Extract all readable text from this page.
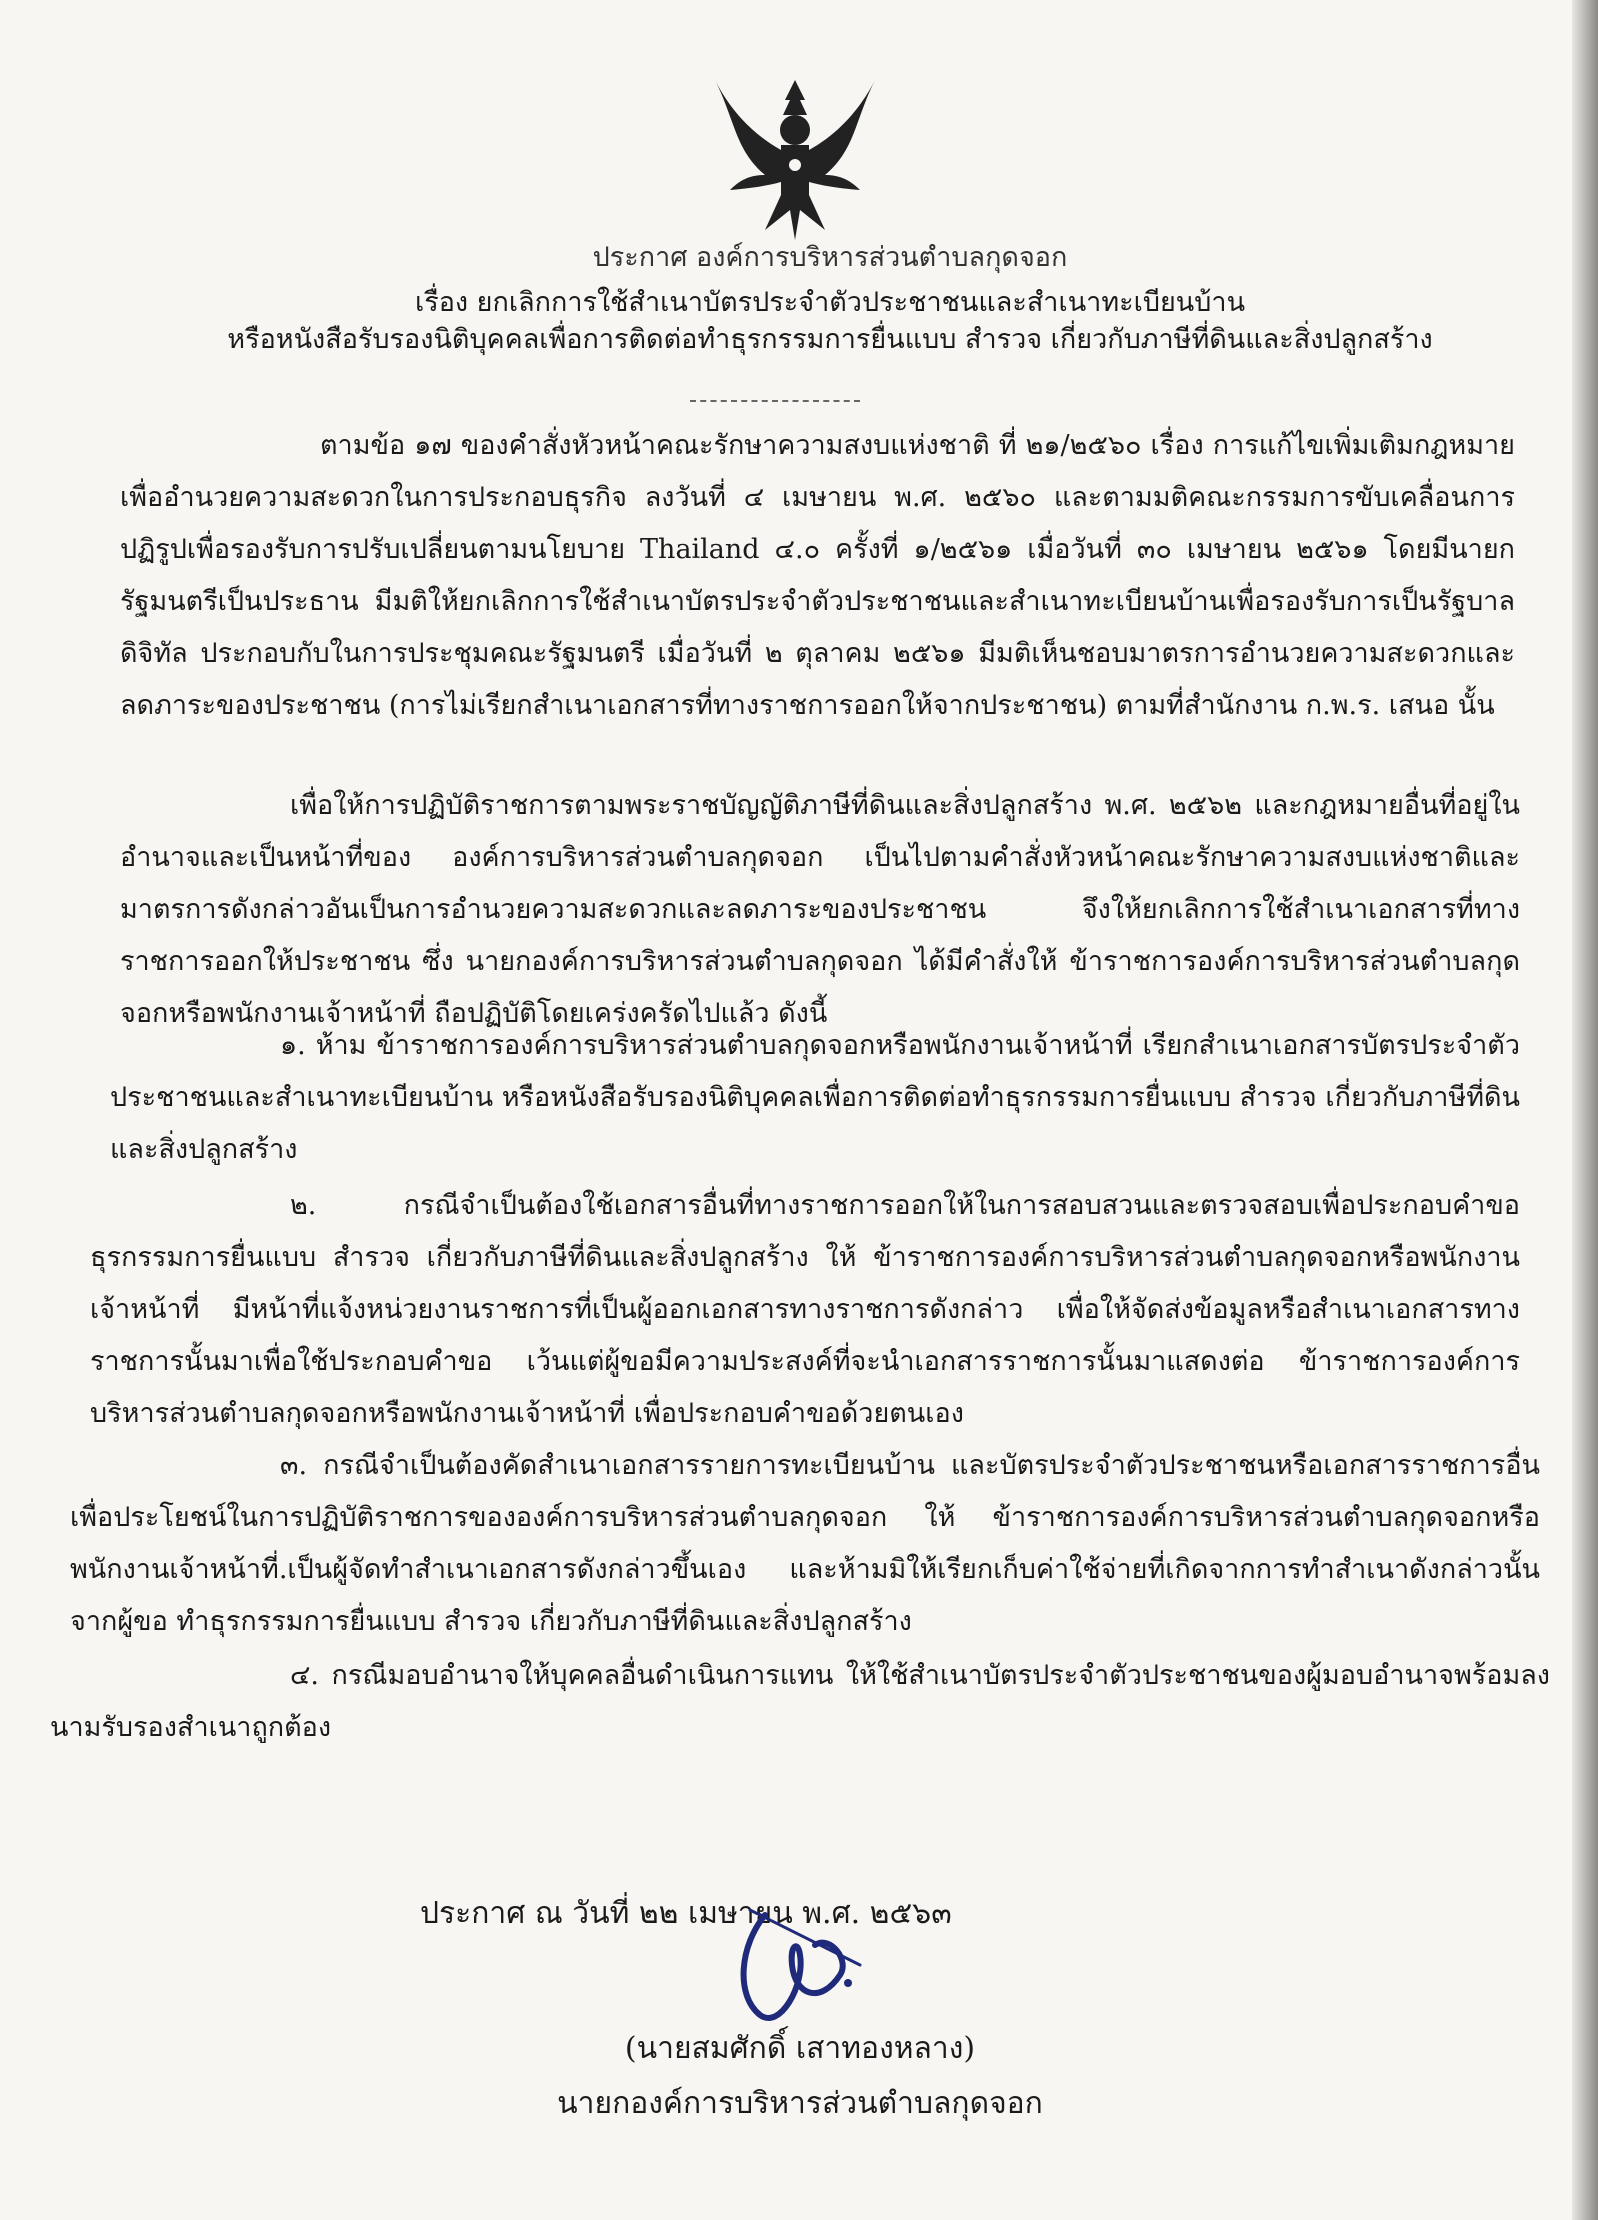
ประกาศ องค์การบริหารส่วนตำบลกุดจอก
เรื่อง ยกเลิกการใช้สำเนาบัตรประจำตัวประชาชนและสำเนาทะเบียนบ้าน
หรือหนังสือรับรองนิติบุคคลเพื่อการติดต่อทำธุรกรรมการยื่นแบบ สำรวจ เกี่ยวกับภาษีที่ดินและสิ่งปลูกสร้าง
ตามข้อ ๑๗ ของคำสั่งหัวหน้าคณะรักษาความสงบแห่งชาติ ที่ ๒๑/๒๕๖๐ เรื่อง การแก้ไขเพิ่มเติมกฎหมาย เพื่ออำนวยความสะดวกในการประกอบธุรกิจ ลงวันที่ ๔ เมษายน พ.ศ. ๒๕๖๐ และตามมติคณะกรรมการขับเคลื่อนการปฏิรูปเพื่อรองรับการปรับเปลี่ยนตามนโยบาย Thailand ๔.๐ ครั้งที่ ๑/๒๕๖๑ เมื่อวันที่ ๓๐ เมษายน ๒๕๖๑ โดยมีนายกรัฐมนตรีเป็นประธาน มีมติให้ยกเลิกการใช้สำเนาบัตรประจำตัวประชาชนและสำเนาทะเบียนบ้านเพื่อรองรับการเป็นรัฐบาลดิจิทัล ประกอบกับในการประชุมคณะรัฐมนตรี เมื่อวันที่ ๒ ตุลาคม ๒๕๖๑ มีมติเห็นชอบมาตรการอำนวยความสะดวกและลดภาระของประชาชน (การไม่เรียกสำเนาเอกสารที่ทางราชการออกให้จากประชาชน) ตามที่สำนักงาน ก.พ.ร. เสนอ นั้น
เพื่อให้การปฏิบัติราชการตามพระราชบัญญัติภาษีที่ดินและสิ่งปลูกสร้าง พ.ศ. ๒๕๖๒ และกฎหมายอื่นที่อยู่ในอำนาจและเป็นหน้าที่ของ องค์การบริหารส่วนตำบลกุดจอก เป็นไปตามคำสั่งหัวหน้าคณะรักษาความสงบแห่งชาติและมาตรการดังกล่าวอันเป็นการอำนวยความสะดวกและลดภาระของประชาชน จึงให้ยกเลิกการใช้สำเนาเอกสารที่ทางราชการออกให้ประชาชน ซึ่ง นายกองค์การบริหารส่วนตำบลกุดจอก ได้มีคำสั่งให้ ข้าราชการองค์การบริหารส่วนตำบลกุดจอกหรือพนักงานเจ้าหน้าที่ ถือปฏิบัติโดยเคร่งครัดไปแล้ว ดังนี้
๑. ห้าม ข้าราชการองค์การบริหารส่วนตำบลกุดจอกหรือพนักงานเจ้าหน้าที่ เรียกสำเนาเอกสารบัตรประจำตัวประชาชนและสำเนาทะเบียนบ้าน หรือหนังสือรับรองนิติบุคคลเพื่อการติดต่อทำธุรกรรมการยื่นแบบ สำรวจ เกี่ยวกับภาษีที่ดินและสิ่งปลูกสร้าง
๒. กรณีจำเป็นต้องใช้เอกสารอื่นที่ทางราชการออกให้ในการสอบสวนและตรวจสอบเพื่อประกอบคำขอธุรกรรมการยื่นแบบ สำรวจ เกี่ยวกับภาษีที่ดินและสิ่งปลูกสร้าง ให้ ข้าราชการองค์การบริหารส่วนตำบลกุดจอกหรือพนักงานเจ้าหน้าที่ มีหน้าที่แจ้งหน่วยงานราชการที่เป็นผู้ออกเอกสารทางราชการดังกล่าว เพื่อให้จัดส่งข้อมูลหรือสำเนาเอกสารทางราชการนั้นมาเพื่อใช้ประกอบคำขอ เว้นแต่ผู้ขอมีความประสงค์ที่จะนำเอกสารราชการนั้นมาแสดงต่อ ข้าราชการองค์การบริหารส่วนตำบลกุดจอกหรือพนักงานเจ้าหน้าที่ เพื่อประกอบคำขอด้วยตนเอง
๓. กรณีจำเป็นต้องคัดสำเนาเอกสารรายการทะเบียนบ้าน และบัตรประจำตัวประชาชนหรือเอกสารราชการอื่น เพื่อประโยชน์ในการปฏิบัติราชการขององค์การบริหารส่วนตำบลกุดจอก ให้ ข้าราชการองค์การบริหารส่วนตำบลกุดจอกหรือพนักงานเจ้าหน้าที่.เป็นผู้จัดทำสำเนาเอกสารดังกล่าวขึ้นเอง และห้ามมิให้เรียกเก็บค่าใช้จ่ายที่เกิดจากการทำสำเนาดังกล่าวนั้นจากผู้ขอ ทำธุรกรรมการยื่นแบบ สำรวจ เกี่ยวกับภาษีที่ดินและสิ่งปลูกสร้าง
๔. กรณีมอบอำนาจให้บุคคลอื่นดำเนินการแทน ให้ใช้สำเนาบัตรประจำตัวประชาชนของผู้มอบอำนาจพร้อมลงนามรับรองสำเนาถูกต้อง
ประกาศ ณ วันที่ ๒๒ เมษายน พ.ศ. ๒๕๖๓
(นายสมศักดิ์ เสาทองหลาง)
นายกองค์การบริหารส่วนตำบลกุดจอก
